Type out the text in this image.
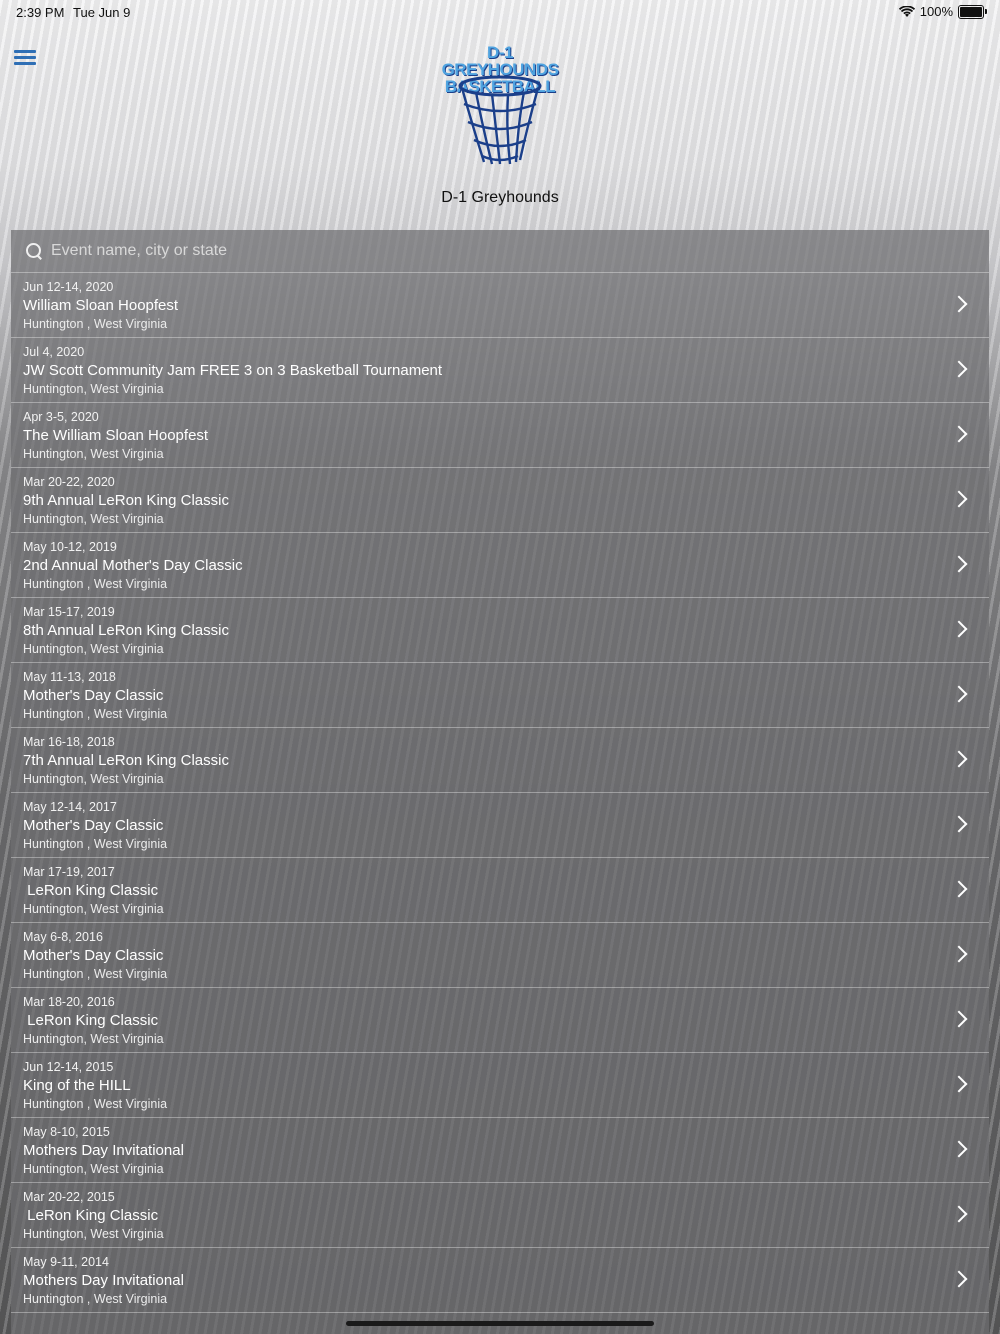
2:39 PM Tue Jun 9	100%
D-1 GREYHOUNDS
BASKETBALL
D-1 Greyhounds
Event name, city or state
Jun 12-14, 2020
William Sloan Hoopfest
Huntington , West Virginia
Jul 4, 2020
JW Scott Community Jam FREE 3 on 3 Basketball Tournament
Huntington, West Virginia
Apr 3-5, 2020
The William Sloan Hoopfest
Huntington, West Virginia
Mar 20-22, 2020
9th Annual LeRon King Classic
Huntington, West Virginia
May 10-12, 2019
2nd Annual Mother's Day Classic
Huntington , West Virginia
Mar 15-17, 2019
8th Annual LeRon King Classic
Huntington, West Virginia
May 11-13, 2018
Mother's Day Classic
Huntington , West Virginia
Mar 16-18, 2018
7th Annual LeRon King Classic
Huntington, West Virginia
May 12-14, 2017
Mother's Day Classic
Huntington , West Virginia
Mar 17-19, 2017
LeRon King Classic
Huntington, West Virginia
May 6-8, 2016
Mother's Day Classic
Huntington , West Virginia
Mar 18-20, 2016
LeRon King Classic
Huntington, West Virginia
Jun 12-14, 2015
King of the HILL
Huntington , West Virginia
May 8-10, 2015
Mothers Day Invitational
Huntington, West Virginia
Mar 20-22, 2015
LeRon King Classic
Huntington, West Virginia
May 9-11, 2014
Mothers Day Invitational
Huntington , West Virginia
